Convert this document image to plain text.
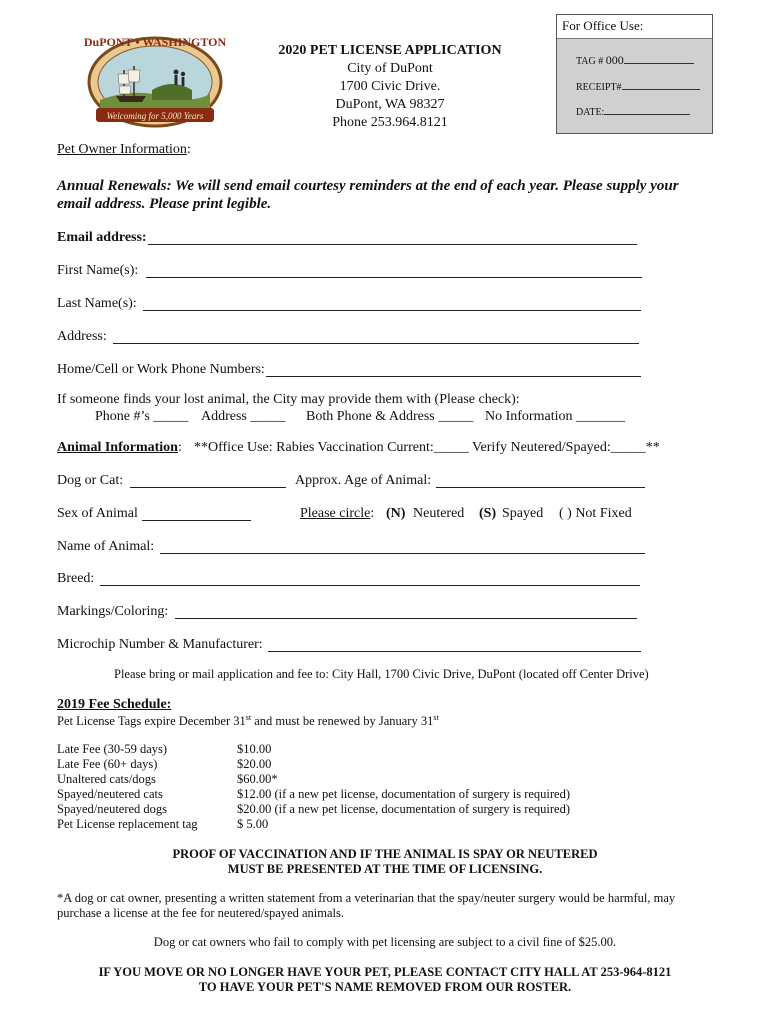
DuPONT • WASHINGTON
Welcoming for 5,000 Years
2020 PET LICENSE APPLICATION
City of DuPont
1700 Civic Drive.
DuPont, WA 98327
Phone 253.964.8121
For Office Use:
TAG # 000
RECEIPT#
DATE:
Pet Owner Information:
Annual Renewals: We will send email courtesy reminders at the end of each year. Please supply your
email address. Please print legible.
Email address:
First Name(s):
Last Name(s):
Address:
Home/Cell or Work Phone Numbers:
If someone finds your lost animal, the City may provide them with (Please check):
Phone #’s _____ Address _____ Both Phone & Address _____ No Information _______
Animal Information: **Office Use: Rabies Vaccination Current:_____ Verify Neutered/Spayed:_____**
Dog or Cat:	Approx. Age of Animal:
Sex of Animal	Please circle: (N) Neutered (S) Spayed ( ) Not Fixed
Name of Animal:
Breed:
Markings/Coloring:
Microchip Number & Manufacturer:
Please bring or mail application and fee to: City Hall, 1700 Civic Drive, DuPont (located off Center Drive)
2019 Fee Schedule:
Pet License Tags expire December 31st and must be renewed by January 31st
Late Fee (30-59 days)
Late Fee (60+ days)
Unaltered cats/dogs
Spayed/neutered cats
Spayed/neutered dogs
Pet License replacement tag
$10.00
$20.00
$60.00*
$12.00 (if a new pet license, documentation of surgery is required)
$20.00 (if a new pet license, documentation of surgery is required)
$ 5.00
PROOF OF VACCINATION AND IF THE ANIMAL IS SPAY OR NEUTERED
MUST BE PRESENTED AT THE TIME OF LICENSING.
*A dog or cat owner, presenting a written statement from a veterinarian that the spay/neuter surgery would be harmful, may
purchase a license at the fee for neutered/spayed animals.
Dog or cat owners who fail to comply with pet licensing are subject to a civil fine of $25.00.
IF YOU MOVE OR NO LONGER HAVE YOUR PET, PLEASE CONTACT CITY HALL AT 253-964-8121
TO HAVE YOUR PET'S NAME REMOVED FROM OUR ROSTER.
